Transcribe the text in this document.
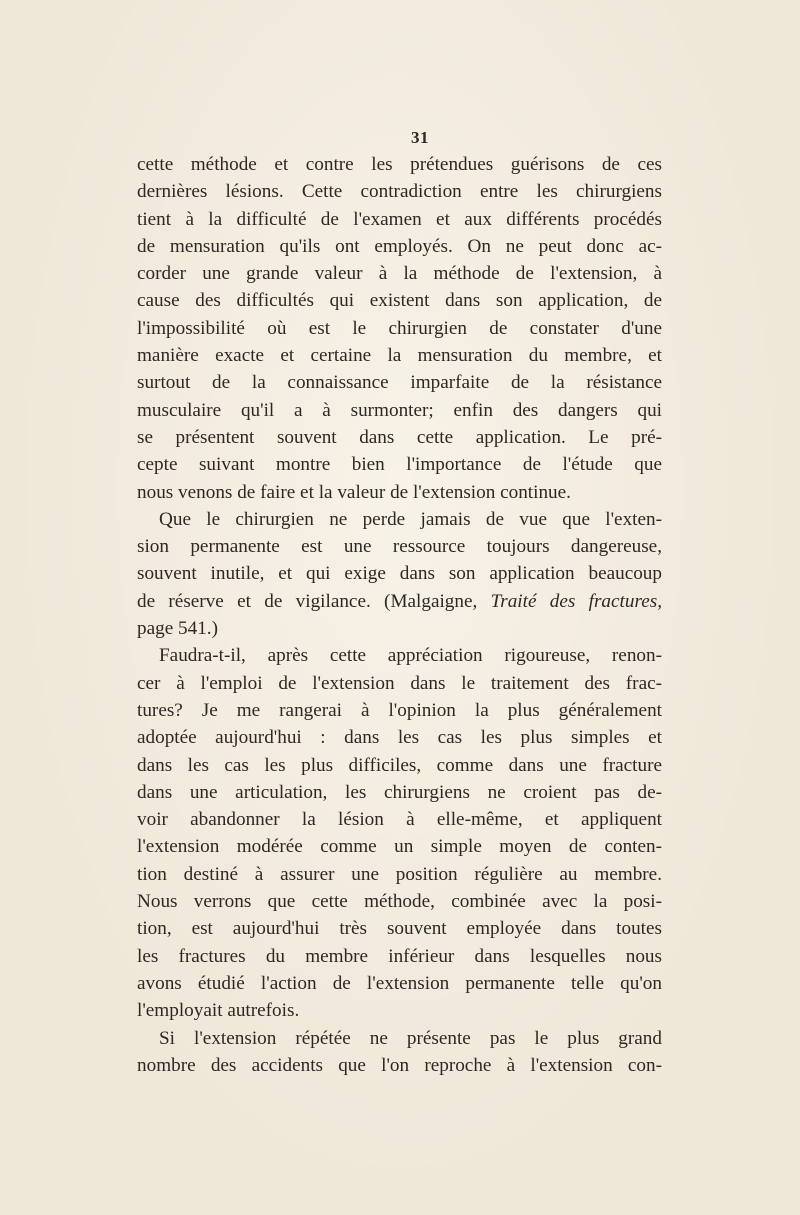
31
cette méthode et contre les prétendues guérisons de ces
dernières lésions. Cette contradiction entre les chirurgiens
tient à la difficulté de l'examen et aux différents procédés
de mensuration qu'ils ont employés. On ne peut donc ac-
corder une grande valeur à la méthode de l'extension, à
cause des difficultés qui existent dans son application, de
l'impossibilité où est le chirurgien de constater d'une
manière exacte et certaine la mensuration du membre, et
surtout de la connaissance imparfaite de la résistance
musculaire qu'il a à surmonter; enfin des dangers qui
se présentent souvent dans cette application. Le pré-
cepte suivant montre bien l'importance de l'étude que
nous venons de faire et la valeur de l'extension continue.
Que le chirurgien ne perde jamais de vue que l'exten-
sion permanente est une ressource toujours dangereuse,
souvent inutile, et qui exige dans son application beaucoup
de réserve et de vigilance. (Malgaigne, Traité des fractures,
page 541.)
Faudra-t-il, après cette appréciation rigoureuse, renon-
cer à l'emploi de l'extension dans le traitement des frac-
tures? Je me rangerai à l'opinion la plus généralement
adoptée aujourd'hui : dans les cas les plus simples et
dans les cas les plus difficiles, comme dans une fracture
dans une articulation, les chirurgiens ne croient pas de-
voir abandonner la lésion à elle-même, et appliquent
l'extension modérée comme un simple moyen de conten-
tion destiné à assurer une position régulière au membre.
Nous verrons que cette méthode, combinée avec la posi-
tion, est aujourd'hui très souvent employée dans toutes
les fractures du membre inférieur dans lesquelles nous
avons étudié l'action de l'extension permanente telle qu'on
l'employait autrefois.
Si l'extension répétée ne présente pas le plus grand
nombre des accidents que l'on reproche à l'extension con-
